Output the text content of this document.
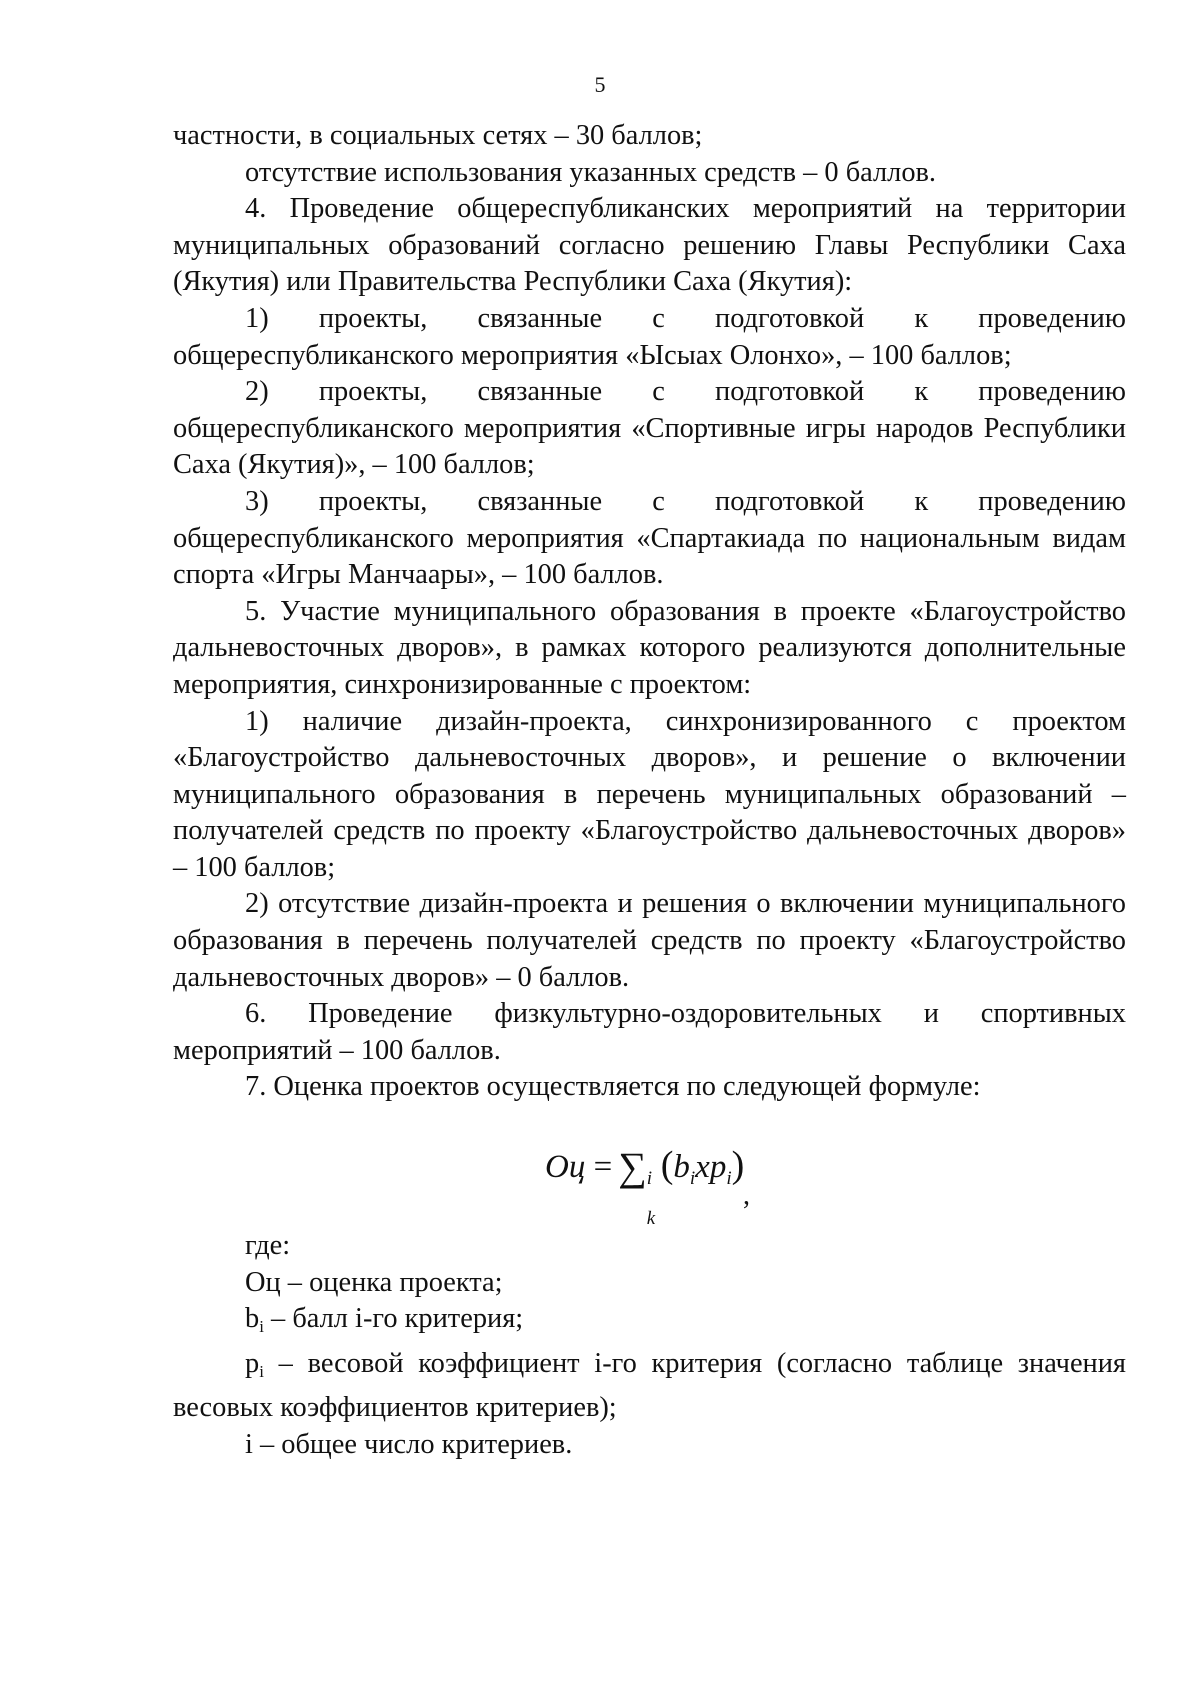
5

частности, в социальных сетях – 30 баллов;

отсутствие использования указанных средств – 0 баллов.

4. Проведение общереспубликанских мероприятий на территории муниципальных образований согласно решению Главы Республики Саха (Якутия) или Правительства Республики Саха (Якутия):

1) проекты, связанные с подготовкой к проведению общереспубликанского мероприятия «Ысыах Олонхо», – 100 баллов;

2) проекты, связанные с подготовкой к проведению общереспубликанского мероприятия «Спортивные игры народов Республики Саха (Якутия)», – 100 баллов;

3) проекты, связанные с подготовкой к проведению общереспубликанского мероприятия «Спартакиада по национальным видам спорта «Игры Манчаары», – 100 баллов.

5. Участие муниципального образования в проекте «Благоустройство дальневосточных дворов», в рамках которого реализуются дополнительные мероприятия, синхронизированные с проектом:

1) наличие дизайн-проекта, синхронизированного с проектом «Благоустройство дальневосточных дворов», и решение о включении муниципального образования в перечень муниципальных образований – получателей средств по проекту «Благоустройство дальневосточных дворов» – 100 баллов;

2) отсутствие дизайн-проекта и решения о включении муниципального образования в перечень получателей средств по проекту «Благоустройство дальневосточных дворов» – 0 баллов.

6. Проведение физкультурно-оздоровительных и спортивных мероприятий – 100 баллов.

7. Оценка проектов осуществляется по следующей формуле:

Оц = ∑ i
k
$(b_ixp_i)$
,

где:

Оц – оценка проекта;

bi – балл i-го критерия;

pi – весовой коэффициент i-го критерия (согласно таблице значения весовых коэффициентов критериев);

i – общее число критериев.
